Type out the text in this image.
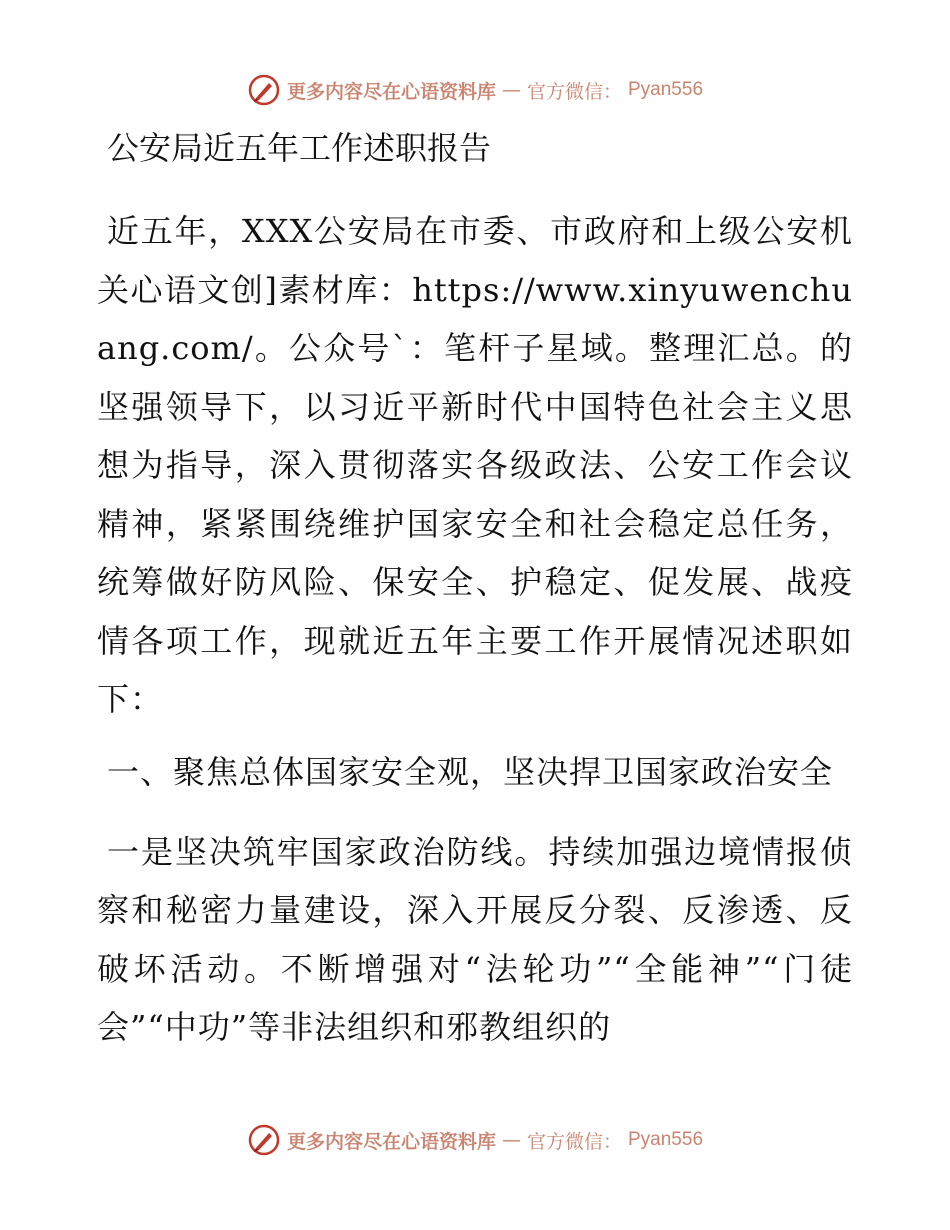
更多内容尽在心语资料库 — 官方微信： Pyan556
公安局近五年工作述职报告

近五年，XXX公安局在市委、市政府和上级公安机关心语文创]素材库：https://www.xinyuwenchuang.com/。公众号`：笔杆子星域。整理汇总。的坚强领导下，以习近平新时代中国特色社会主义思想为指导，深入贯彻落实各级政法、公安工作会议精神，紧紧围绕维护国家安全和社会稳定总任务，统筹做好防风险、保安全、护稳定、促发展、战疫情各项工作，现就近五年主要工作开展情况述职如下：

一、聚焦总体国家安全观，坚决捍卫国家政治安全

一是坚决筑牢国家政治防线。持续加强边境情报侦察和秘密力量建设，深入开展反分裂、反渗透、反破坏活动。不断增强对“法轮功”“全能神”“门徒会”“中功”等非法组织和邪教组织的

更多内容尽在心语资料库 — 官方微信： Pyan556
